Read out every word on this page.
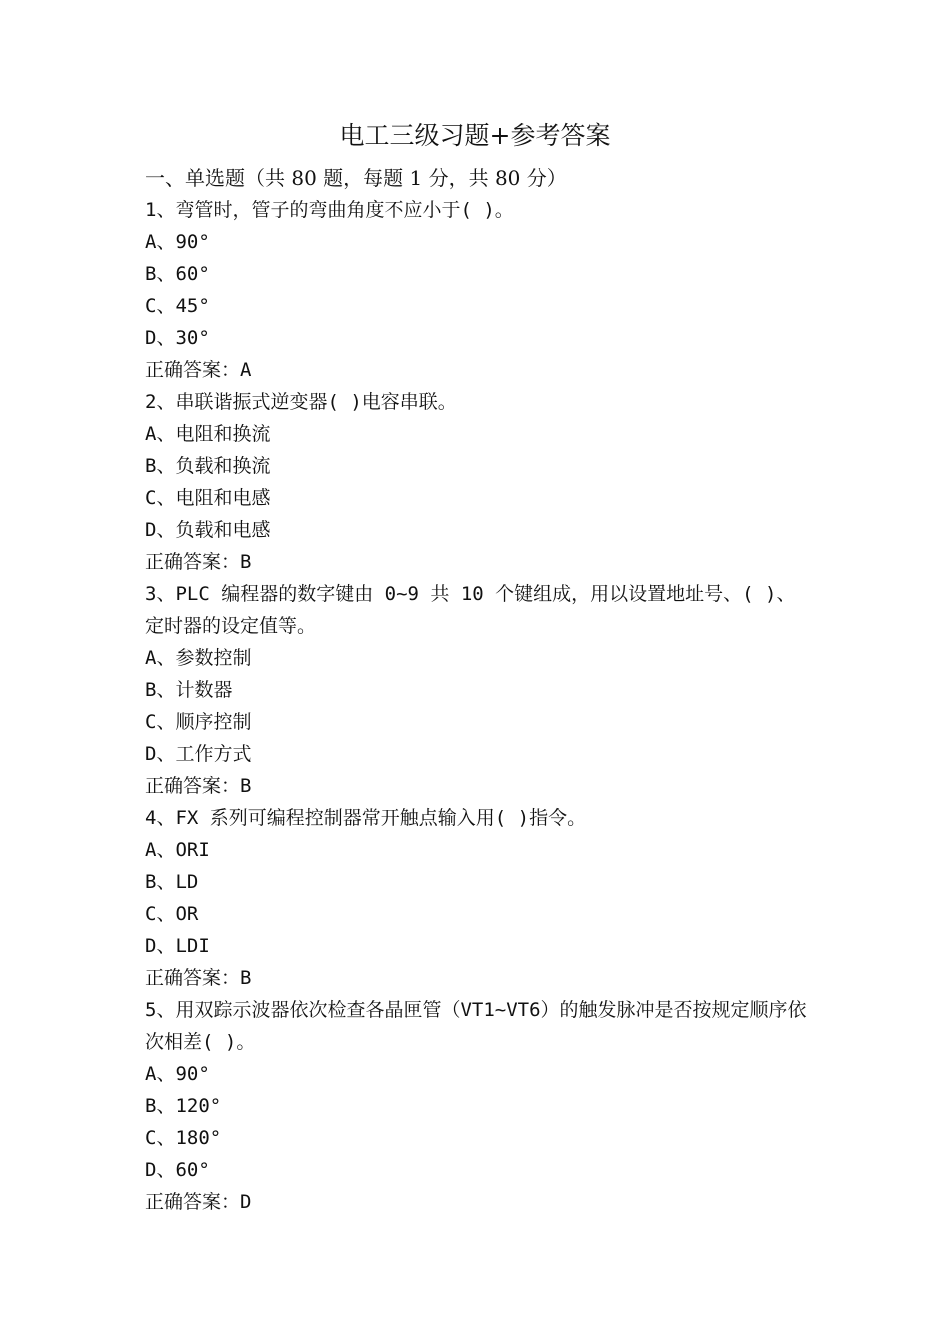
电工三级习题+参考答案

一、单选题（共 80 题，每题 1 分，共 80 分）

1、弯管时，管子的弯曲角度不应小于( )。

A、90°
B、60°
C、45°
D、30°

正确答案：A

2、串联谐振式逆变器( )电容串联。

A、电阻和换流
B、负载和换流
C、电阻和电感
D、负载和电感

正确答案：B

3、PLC 编程器的数字键由 0~9 共 10 个键组成，用以设置地址号、( )、定时器的设定值等。

A、参数控制
B、计数器
C、顺序控制
D、工作方式

正确答案：B

4、FX 系列可编程控制器常开触点输入用( )指令。

A、ORI
B、LD
C、OR
D、LDI

正确答案：B

5、用双踪示波器依次检查各晶匣管（VT1~VT6）的触发脉冲是否按规定顺序依次相差( )。

A、90°
B、120°
C、180°
D、60°

正确答案：D
